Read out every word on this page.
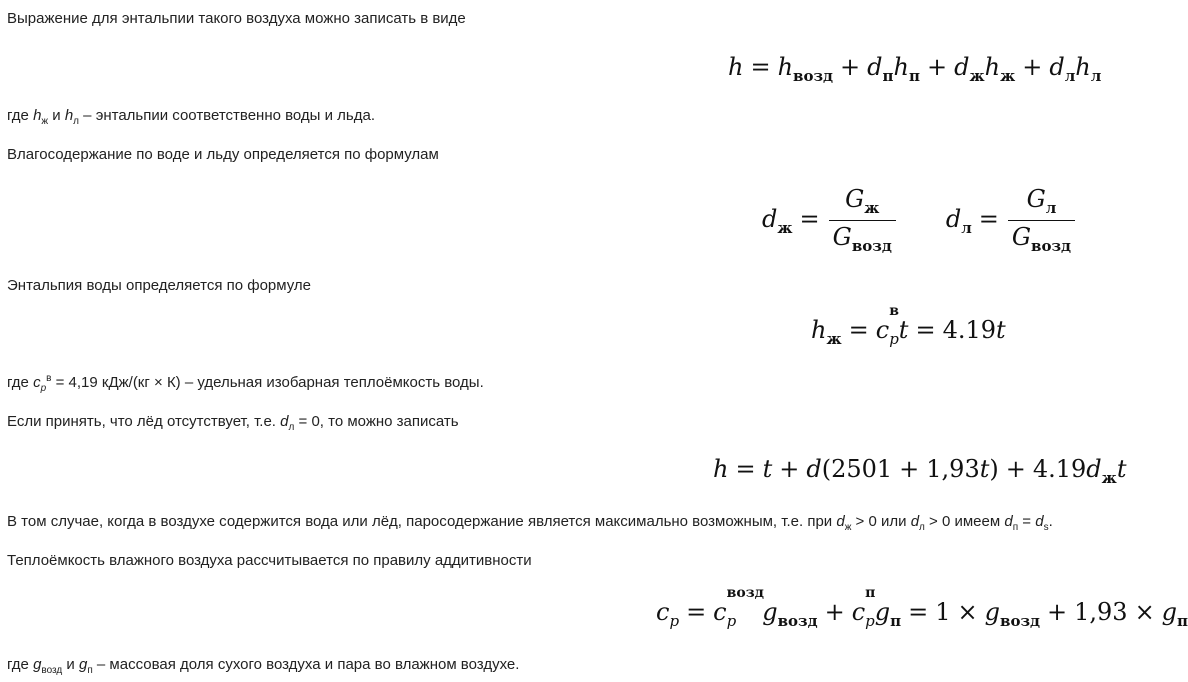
Выражение для энтальпии такого воздуха можно записать в виде
$h = h_{возд} + d_пh_п + d_жh_ж + d_лh_л$
где $h_ж$ и $h_л$ – энтальпии соответственно воды и льда.
Влагосодержание по воде и льду определяется по формулам
$d_ж = \frac{G_ж}{G_{возд}} d_л = \frac{G_л}{G_{возд}}$
Энтальпия воды определяется по формуле
$h_ж = c$
в
$_p$t = 4.19t
где $c_p^в = 4,19$ кДж/(кг × К) – удельная изобарная теплоёмкость воды.
Если принять, что лёд отсутствует, т.е. $d_л = 0$, то можно записать
$h = t + d(2501 + 1,93t) + 4.19d_жt$
В том случае, когда в воздухе содержится вода или лёд, паросодержание является максимально возможным, т.е. при $d_ж > 0$ или $d_л > 0$ имеем $d_п = d_s$.
Теплоёмкость влажного воздуха рассчитывается по правилу аддитивности
$c_p = c$
возд
$_p$ $g_{возд} + c$
п
$_pg_п = 1 \times g_{возд} + 1,93 \times g_п$
где $g_{возд}$ и $g_п$ – массовая доля сухого воздуха и пара во влажном воздухе.
